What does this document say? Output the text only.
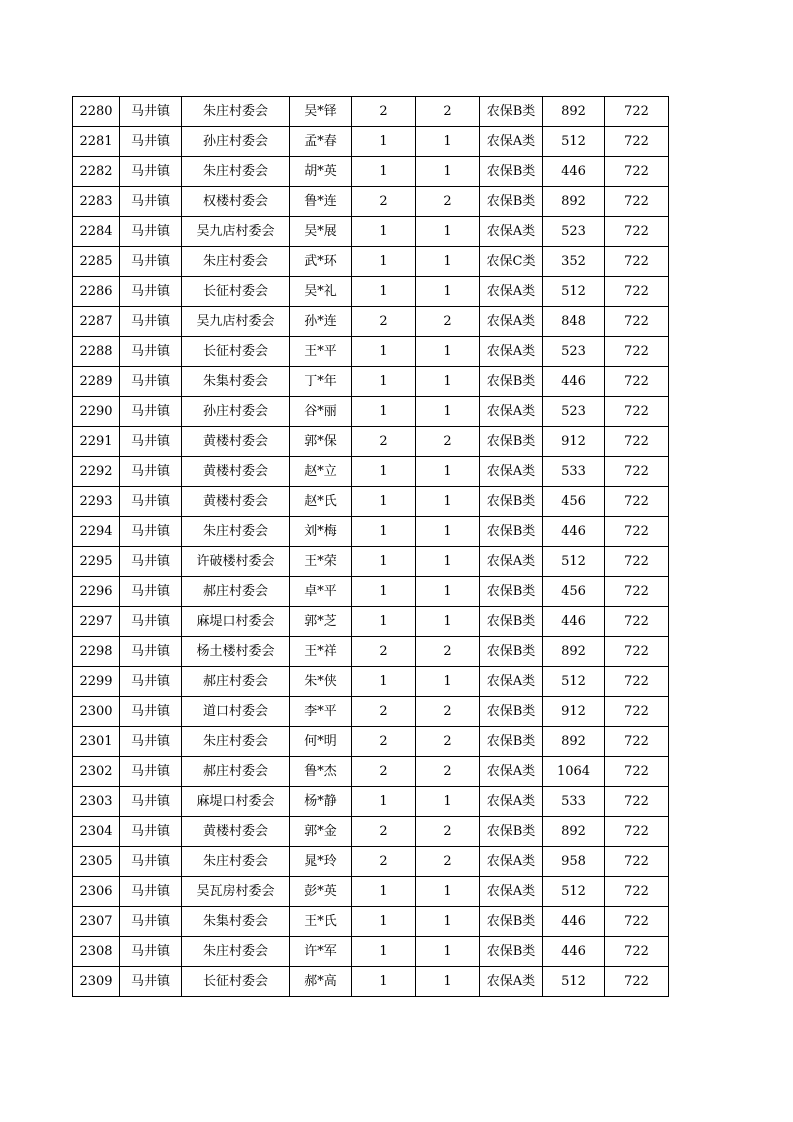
2280	马井镇	朱庄村委会	吴*铎	2	2	农保B类	892	722
2281	马井镇	孙庄村委会	孟*春	1	1	农保A类	512	722
2282	马井镇	朱庄村委会	胡*英	1	1	农保B类	446	722
2283	马井镇	权楼村委会	鲁*连	2	2	农保B类	892	722
2284	马井镇	吴九店村委会	吴*展	1	1	农保A类	523	722
2285	马井镇	朱庄村委会	武*环	1	1	农保C类	352	722
2286	马井镇	长征村委会	吴*礼	1	1	农保A类	512	722
2287	马井镇	吴九店村委会	孙*连	2	2	农保A类	848	722
2288	马井镇	长征村委会	王*平	1	1	农保A类	523	722
2289	马井镇	朱集村委会	丁*年	1	1	农保B类	446	722
2290	马井镇	孙庄村委会	谷*丽	1	1	农保A类	523	722
2291	马井镇	黄楼村委会	郭*保	2	2	农保B类	912	722
2292	马井镇	黄楼村委会	赵*立	1	1	农保A类	533	722
2293	马井镇	黄楼村委会	赵*氏	1	1	农保B类	456	722
2294	马井镇	朱庄村委会	刘*梅	1	1	农保B类	446	722
2295	马井镇	许破楼村委会	王*荣	1	1	农保A类	512	722
2296	马井镇	郝庄村委会	卓*平	1	1	农保B类	456	722
2297	马井镇	麻堤口村委会	郭*芝	1	1	农保B类	446	722
2298	马井镇	杨土楼村委会	王*祥	2	2	农保B类	892	722
2299	马井镇	郝庄村委会	朱*侠	1	1	农保A类	512	722
2300	马井镇	道口村委会	李*平	2	2	农保B类	912	722
2301	马井镇	朱庄村委会	何*明	2	2	农保B类	892	722
2302	马井镇	郝庄村委会	鲁*杰	2	2	农保A类	1064	722
2303	马井镇	麻堤口村委会	杨*静	1	1	农保A类	533	722
2304	马井镇	黄楼村委会	郭*金	2	2	农保B类	892	722
2305	马井镇	朱庄村委会	晁*玲	2	2	农保A类	958	722
2306	马井镇	吴瓦房村委会	彭*英	1	1	农保A类	512	722
2307	马井镇	朱集村委会	王*氏	1	1	农保B类	446	722
2308	马井镇	朱庄村委会	许*军	1	1	农保B类	446	722
2309	马井镇	长征村委会	郝*高	1	1	农保A类	512	722
